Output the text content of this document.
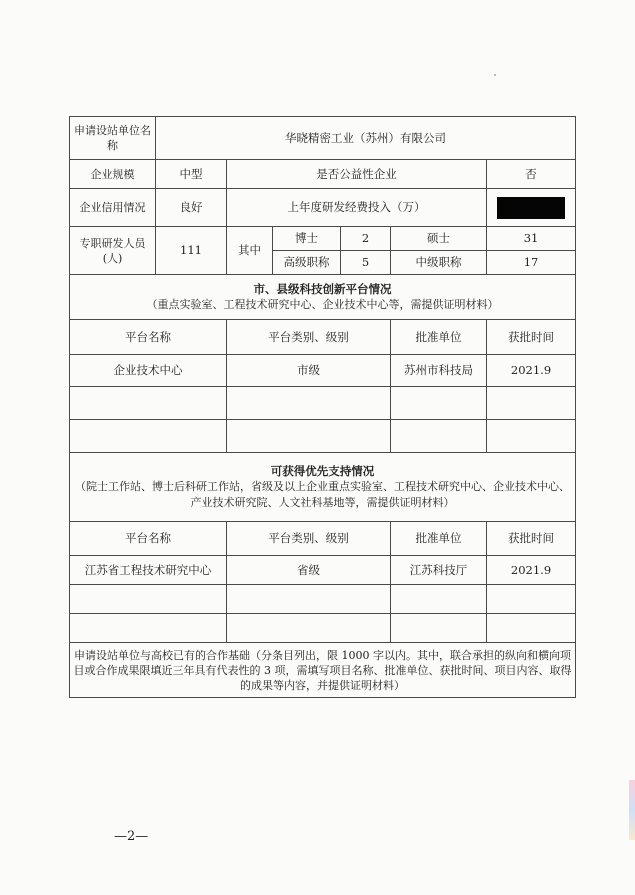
申请设站单位名称	华晓精密工业（苏州）有限公司					
企业规模	中型	是否公益性企业				否
企业信用情况	良好	上年度研发经费投入（万）				
专职研发人员(人)	111	其中	博士	2	硕士	31
			高级职称	5	中级职称	17

市、县级科技创新平台情况
（重点实验室、工程技术研究中心、企业技术中心等，需提供证明材料）						

平台名称		平台类别、级别			批准单位	获批时间
企业技术中心		市级			苏州市科技局	2021.9

可获得优先支持情况
（院士工作站、博士后科研工作站，省级及以上企业重点实验室、工程技术研究中心、企业技术中心、产业技术研究院、人文社科基地等，需提供证明材料）						

平台名称		平台类别、级别			批准单位	获批时间
江苏省工程技术研究中心		省级			江苏科技厅	2021.9

申请设站单位与高校已有的合作基础（分条目列出，限 1000 字以内。其中，联合承担的纵向和横向项目或合作成果限填近三年具有代表性的 3 项，需填写项目名称、批准单位、获批时间、项目内容、取得的成果等内容，并提供证明材料）						
—2—
